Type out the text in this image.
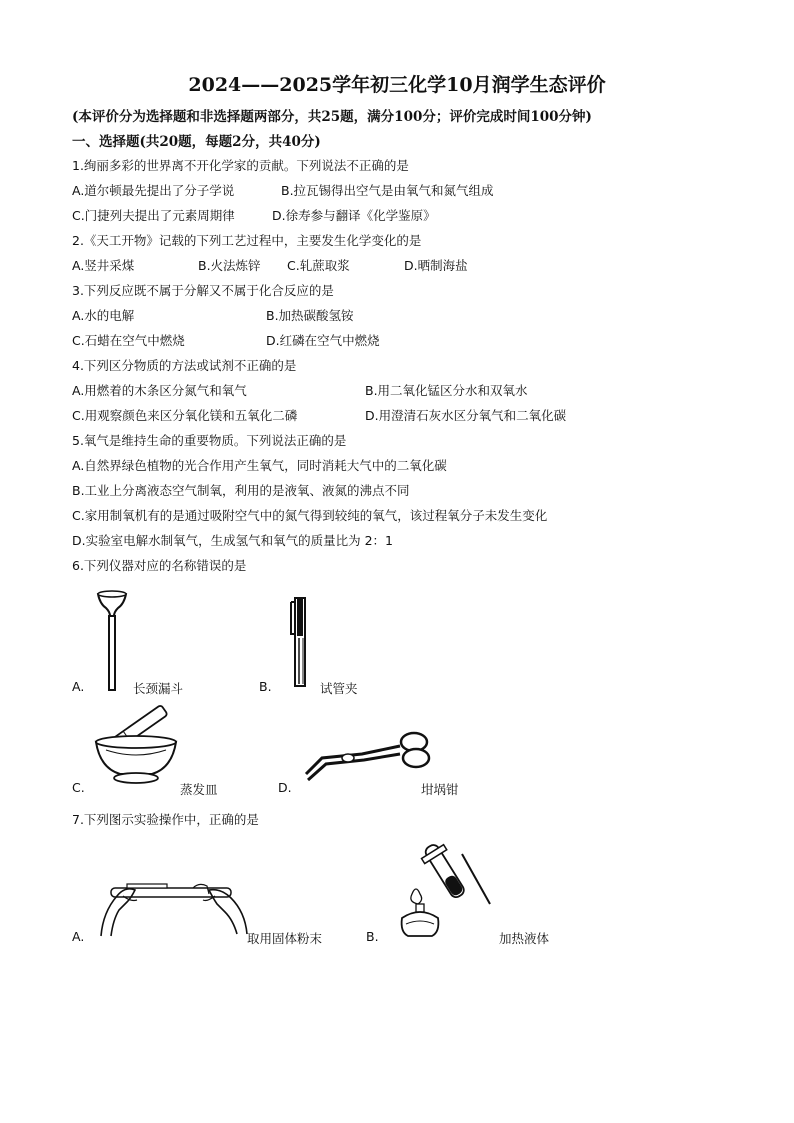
2024——2025学年初三化学10月润学生态评价
(本评价分为选择题和非选择题两部分，共25题，满分100分；评价完成时间100分钟)
一、选择题(共20题，每题2分，共40分)
1.绚丽多彩的世界离不开化学家的贡献。下列说法不正确的是
A.道尔顿最先提出了分子学说	B.拉瓦锡得出空气是由氧气和氮气组成
C.门捷列夫提出了元素周期律	D.徐寿参与翻译《化学鉴原》
2.《天工开物》记载的下列工艺过程中，主要发生化学变化的是
A.竖井采煤	B.火法炼锌 C.轧蔗取浆	D.晒制海盐
3.下列反应既不属于分解又不属于化合反应的是
A.水的电解	B.加热碳酸氢铵
C.石蜡在空气中燃烧	D.红磷在空气中燃烧
4.下列区分物质的方法或试剂不正确的是
A.用燃着的木条区分氮气和氧气	B.用二氧化锰区分水和双氧水
C.用观察颜色来区分氧化镁和五氧化二磷	D.用澄清石灰水区分氧气和二氧化碳
5.氧气是维持生命的重要物质。下列说法正确的是
A.自然界绿色植物的光合作用产生氧气，同时消耗大气中的二氧化碳
B.工业上分离液态空气制氧，利用的是液氧、液氮的沸点不同
C.家用制氧机有的是通过吸附空气中的氮气得到较纯的氧气，该过程氧分子未发生变化
D.实验室电解水制氧气，生成氢气和氧气的质量比为 2：1
6.下列仪器对应的名称错误的是
A.	长颈漏斗	B.	试管夹
C.	蒸发皿	D.	坩埚钳
7.下列图示实验操作中，正确的是
A.	取用固体粉末	B.	加热液体
